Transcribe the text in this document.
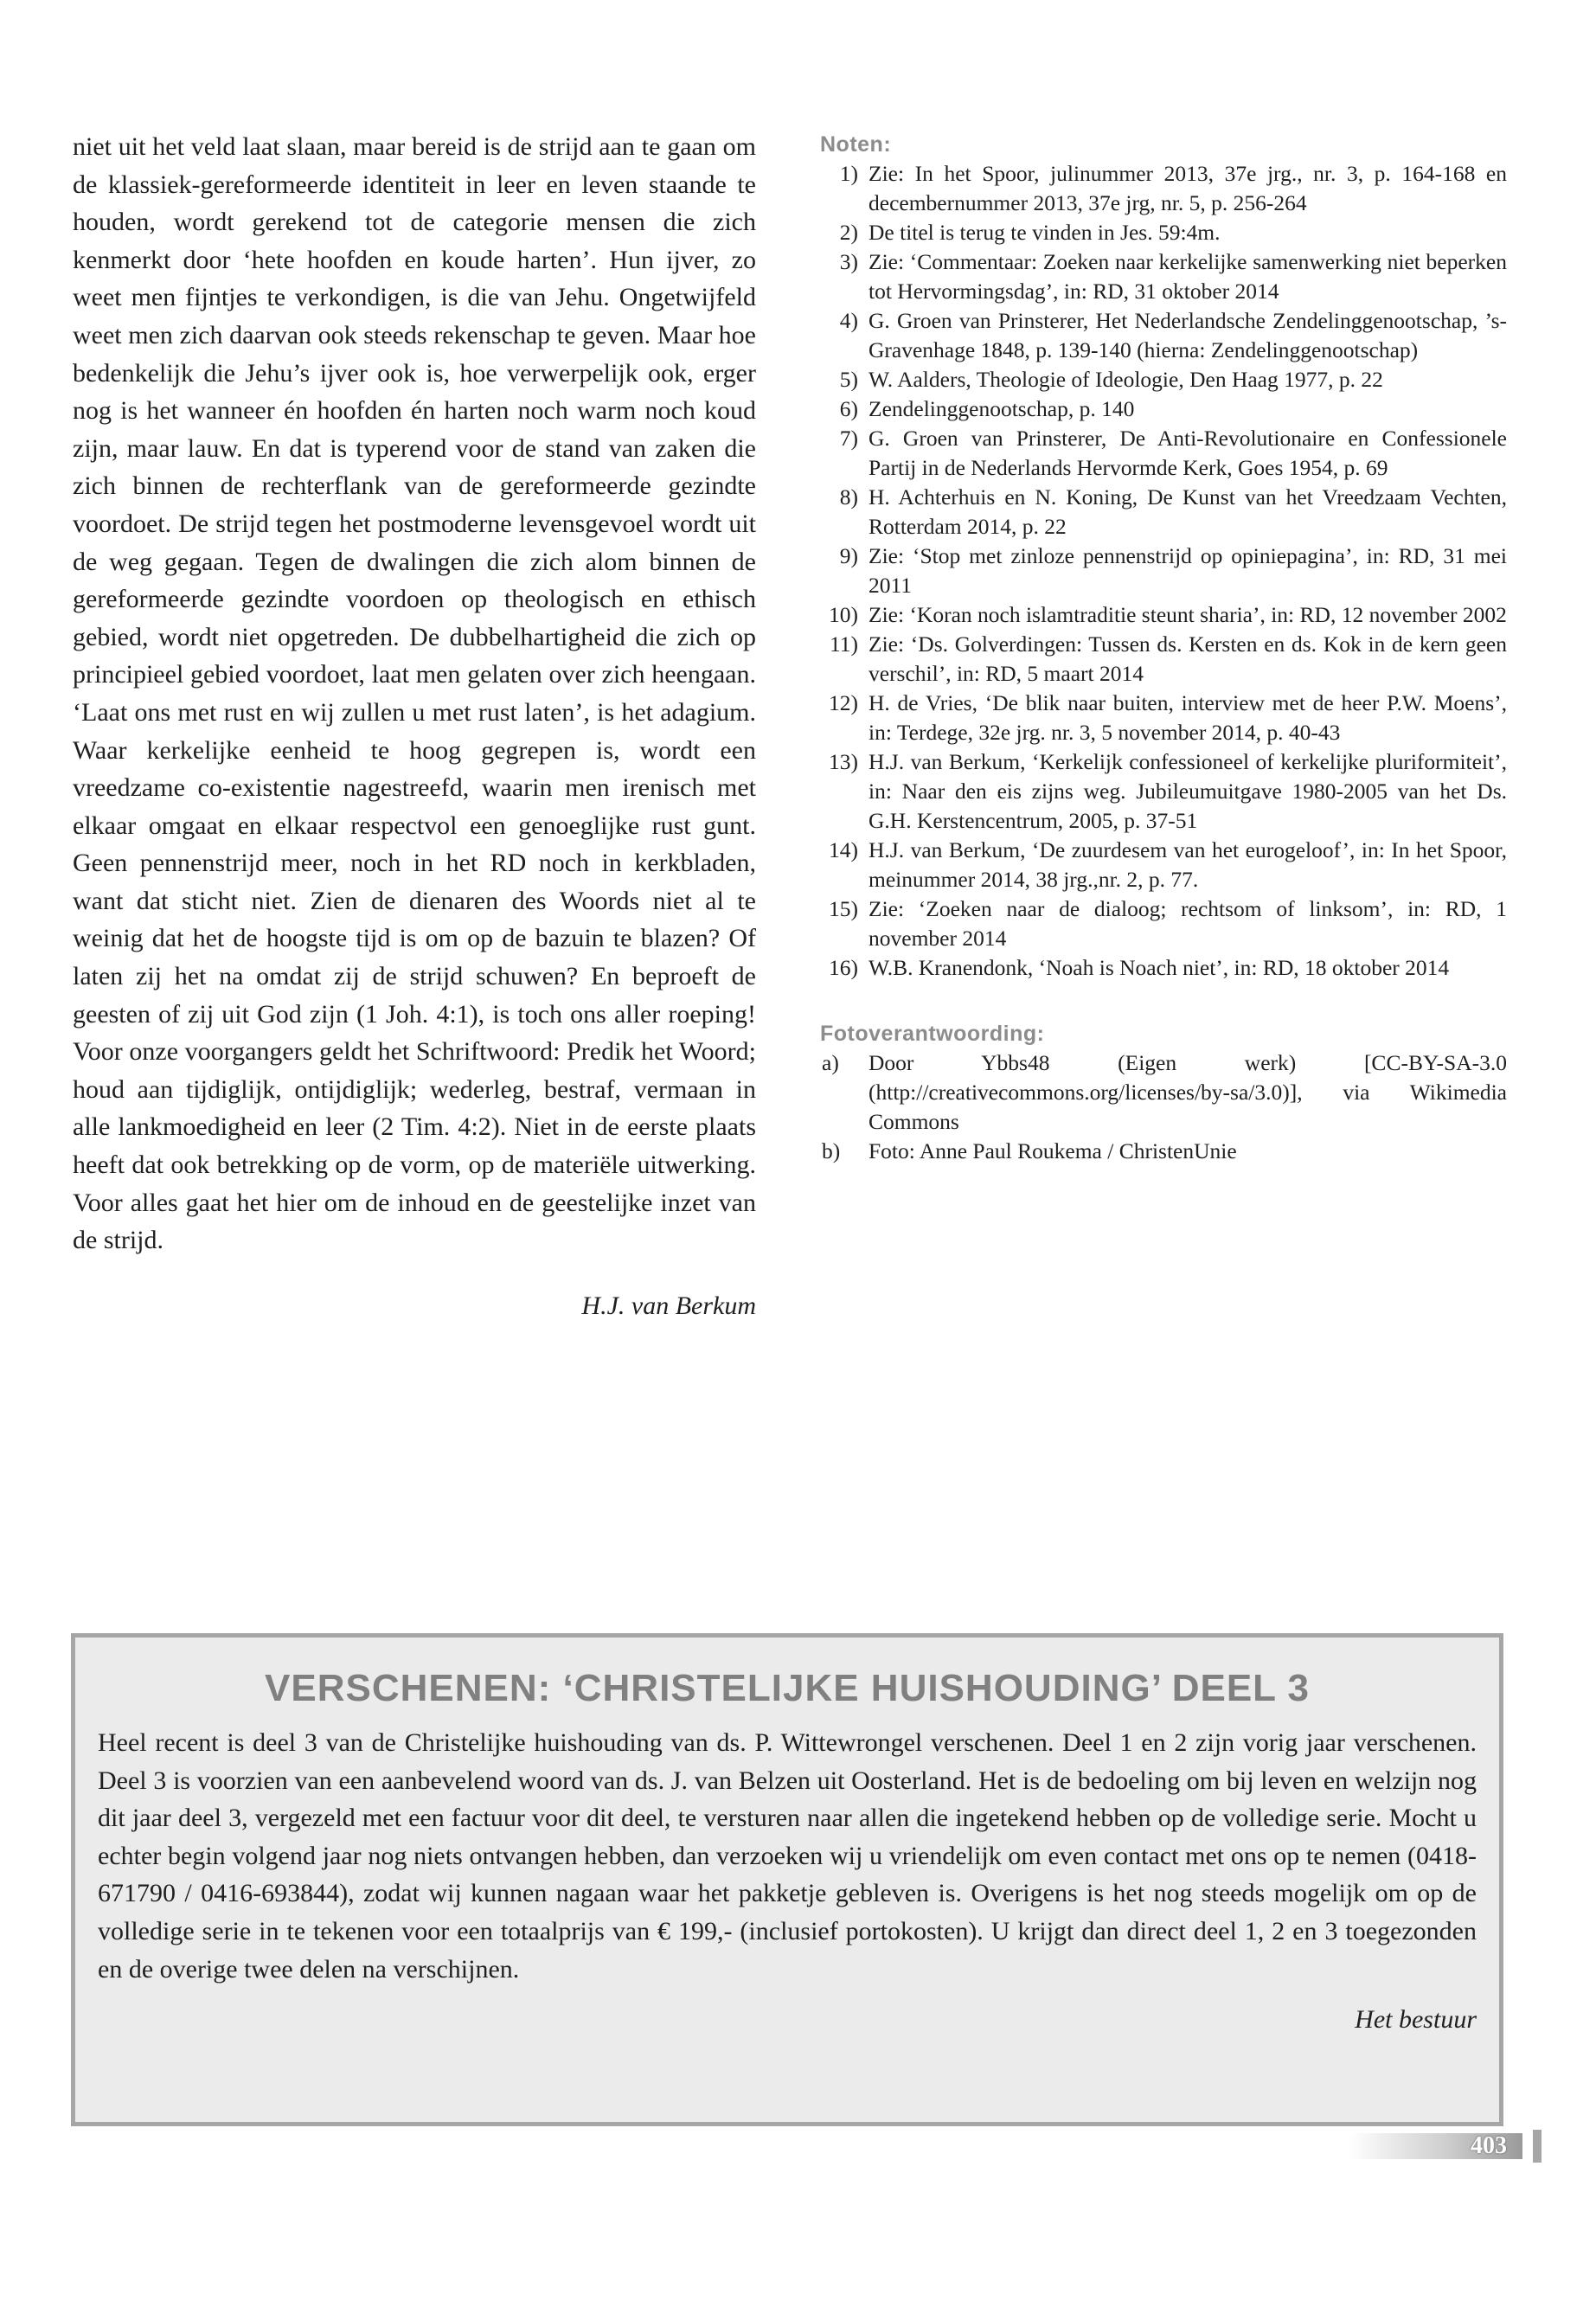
niet uit het veld laat slaan, maar bereid is de strijd aan te gaan om de klassiek-gereformeerde identiteit in leer en leven staande te houden, wordt gerekend tot de categorie mensen die zich kenmerkt door ‘hete hoofden en koude harten’. Hun ijver, zo weet men fijntjes te verkondigen, is die van Jehu. Ongetwijfeld weet men zich daarvan ook steeds rekenschap te geven. Maar hoe bedenkelijk die Jehu’s ijver ook is, hoe verwerpelijk ook, erger nog is het wanneer én hoofden én harten noch warm noch koud zijn, maar lauw. En dat is typerend voor de stand van zaken die zich binnen de rechterflank van de gereformeerde gezindte voordoet. De strijd tegen het postmoderne levensgevoel wordt uit de weg gegaan. Tegen de dwalingen die zich alom binnen de gereformeerde gezindte voordoen op theologisch en ethisch gebied, wordt niet opgetreden. De dubbelhartigheid die zich op principieel gebied voordoet, laat men gelaten over zich heengaan. ‘Laat ons met rust en wij zullen u met rust laten’, is het adagium. Waar kerkelijke eenheid te hoog gegrepen is, wordt een vreedzame co-existentie nagestreefd, waarin men irenisch met elkaar omgaat en elkaar respectvol een genoeglijke rust gunt. Geen pennenstrijd meer, noch in het RD noch in kerkbladen, want dat sticht niet. Zien de dienaren des Woords niet al te weinig dat het de hoogste tijd is om op de bazuin te blazen? Of laten zij het na omdat zij de strijd schuwen? En beproeft de geesten of zij uit God zijn (1 Joh. 4:1), is toch ons aller roeping! Voor onze voorgangers geldt het Schriftwoord: Predik het Woord; houd aan tijdiglijk, ontijdiglijk; wederleg, bestraf, vermaan in alle lankmoedigheid en leer (2 Tim. 4:2). Niet in de eerste plaats heeft dat ook betrekking op de vorm, op de materiële uitwerking. Voor alles gaat het hier om de inhoud en de geestelijke inzet van de strijd.

H.J. van Berkum
Noten:
1) Zie: In het Spoor, julinummer 2013, 37e jrg., nr. 3, p. 164-168 en decembernummer 2013, 37e jrg, nr. 5, p. 256-264
2) De titel is terug te vinden in Jes. 59:4m.
3) Zie: ‘Commentaar: Zoeken naar kerkelijke samenwerking niet beperken tot Hervormingsdag’, in: RD, 31 oktober 2014
4) G. Groen van Prinsterer, Het Nederlandsche Zendelinggenootschap, ’s-Gravenhage 1848, p. 139-140 (hierna: Zendelinggenootschap)
5) W. Aalders, Theologie of Ideologie, Den Haag 1977, p. 22
6) Zendelinggenootschap, p. 140
7) G. Groen van Prinsterer, De Anti-Revolutionaire en Confessionele Partij in de Nederlands Hervormde Kerk, Goes 1954, p. 69
8) H. Achterhuis en N. Koning, De Kunst van het Vreedzaam Vechten, Rotterdam 2014, p. 22
9) Zie: ‘Stop met zinloze pennenstrijd op opiniepagina’, in: RD, 31 mei 2011
10) Zie: ‘Koran noch islamtraditie steunt sharia’, in: RD, 12 november 2002
11) Zie: ‘Ds. Golverdingen: Tussen ds. Kersten en ds. Kok in de kern geen verschil’, in: RD, 5 maart 2014
12) H. de Vries, ‘De blik naar buiten, interview met de heer P.W. Moens’, in: Terdege, 32e jrg. nr. 3, 5 november 2014, p. 40-43
13) H.J. van Berkum, ‘Kerkelijk confessioneel of kerkelijke pluriformiteit’, in: Naar den eis zijns weg. Jubileumuitgave 1980-2005 van het Ds. G.H. Kerstencentrum, 2005, p. 37-51
14) H.J. van Berkum, ‘De zuurdesem van het eurogeloof’, in: In het Spoor, meinummer 2014, 38 jrg.,nr. 2, p. 77.
15) Zie: ‘Zoeken naar de dialoog; rechtsom of linksom’, in: RD, 1 november 2014
16) W.B. Kranendonk, ‘Noah is Noach niet’, in: RD, 18 oktober 2014
Fotoverantwoording:
a)	Door Ybbs48 (Eigen werk) [CC-BY-SA-3.0 (http://creativecommons.org/licenses/by-sa/3.0)], via Wikimedia Commons
b)	Foto: Anne Paul Roukema / ChristenUnie
VERSCHENEN: ‘CHRISTELIJKE HUISHOUDING’ DEEL 3

Heel recent is deel 3 van de Christelijke huishouding van ds. P. Wittewrongel verschenen. Deel 1 en 2 zijn vorig jaar verschenen. Deel 3 is voorzien van een aanbevelend woord van ds. J. van Belzen uit Oosterland. Het is de bedoeling om bij leven en welzijn nog dit jaar deel 3, vergezeld met een factuur voor dit deel, te versturen naar allen die ingetekend hebben op de volledige serie. Mocht u echter begin volgend jaar nog niets ontvangen hebben, dan verzoeken wij u vriendelijk om even contact met ons op te nemen (0418-671790 / 0416-693844), zodat wij kunnen nagaan waar het pakketje gebleven is. Overigens is het nog steeds mogelijk om op de volledige serie in te tekenen voor een totaalprijs van € 199,- (inclusief portokosten). U krijgt dan direct deel 1, 2 en 3 toegezonden en de overige twee delen na verschijnen.

Het bestuur
403
